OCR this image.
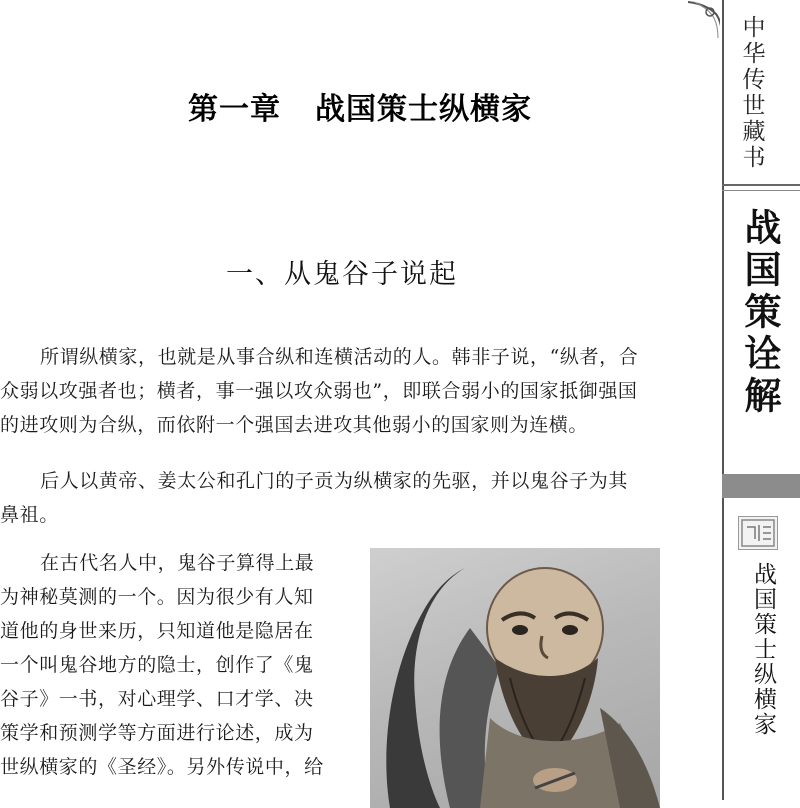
第一章 战国策士纵横家
一、从鬼谷子说起
所谓纵横家，也就是从事合纵和连横活动的人。韩非子说，“纵者，合
众弱以攻强者也；横者，事一强以攻众弱也”，即联合弱小的国家抵御强国
的进攻则为合纵，而依附一个强国去进攻其他弱小的国家则为连横。
后人以黄帝、姜太公和孔门的子贡为纵横家的先驱，并以鬼谷子为其
鼻祖。
在古代名人中，鬼谷子算得上最
为神秘莫测的一个。因为很少有人知
道他的身世来历，只知道他是隐居在
一个叫鬼谷地方的隐士，创作了《鬼
谷子》一书，对心理学、口才学、决
策学和预测学等方面进行论述，成为
世纵横家的《圣经》。另外传说中，给
中华传世藏书
战国策诠解
战国策士纵横家
